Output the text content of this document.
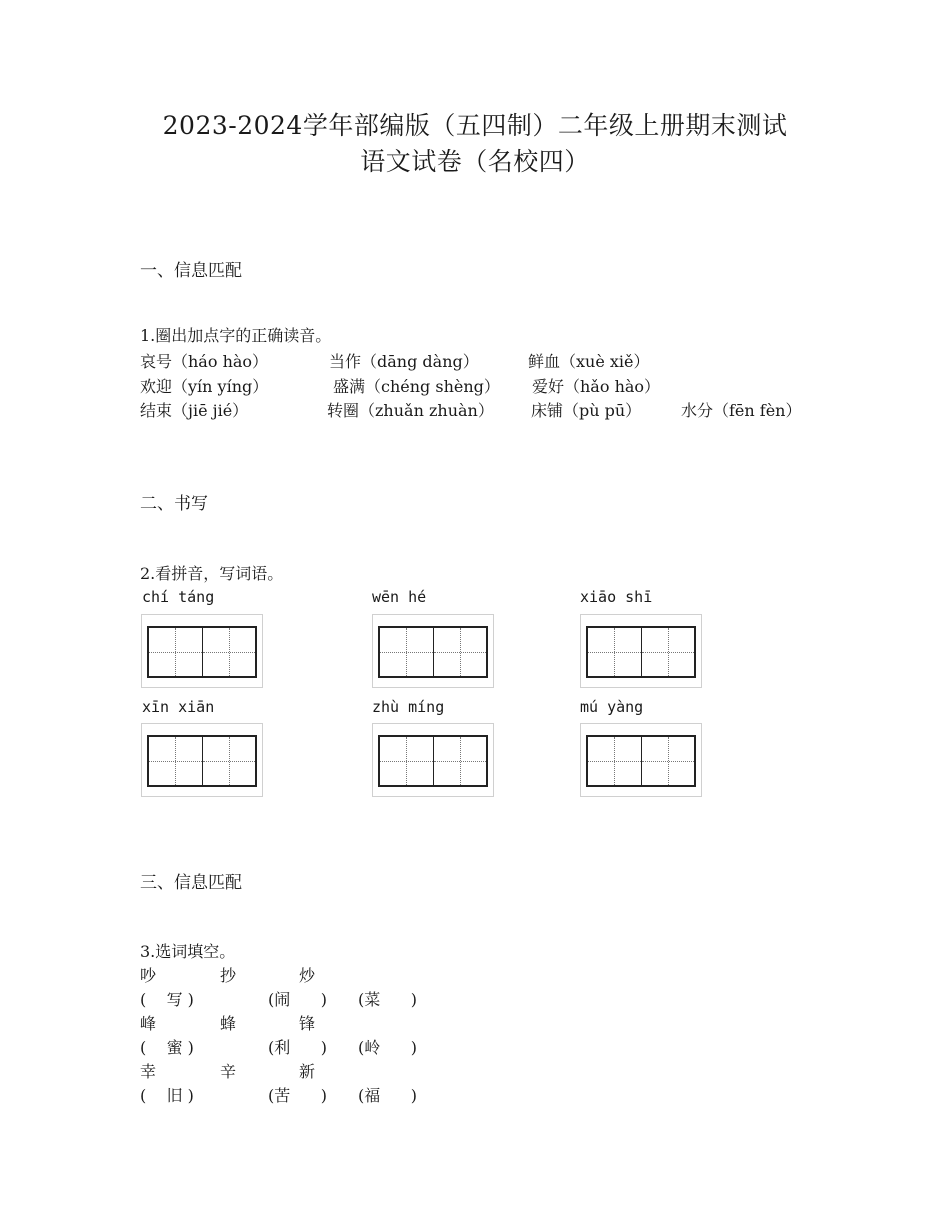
2023-2024学年部编版（五四制）二年级上册期末测试
语文试卷（名校四）
一、信息匹配
1.圈出加点字的正确读音。
哀号（háo hào）	当作（dāng dàng）	鲜血（xuè xiě）
欢迎（yín yíng）	盛满（chéng shèng） 爱好（hǎo hào）
结束（jiē jié）	转圈（zhuǎn zhuàn） 床铺（pù pū） 水分（fēn fèn）
二、书写
2.看拼音，写词语。
chí táng	wēn hé	xiāo shī
xīn xiān	zhù míng	mú yàng
三、信息匹配
3.选词填空。
吵	抄	炒
(    写 )	(闹      ) (菜      )
峰	蜂	锋
(    蜜 )	(利      ) (岭      )
幸	辛	新
(    旧 )	(苦      ) (福      )
